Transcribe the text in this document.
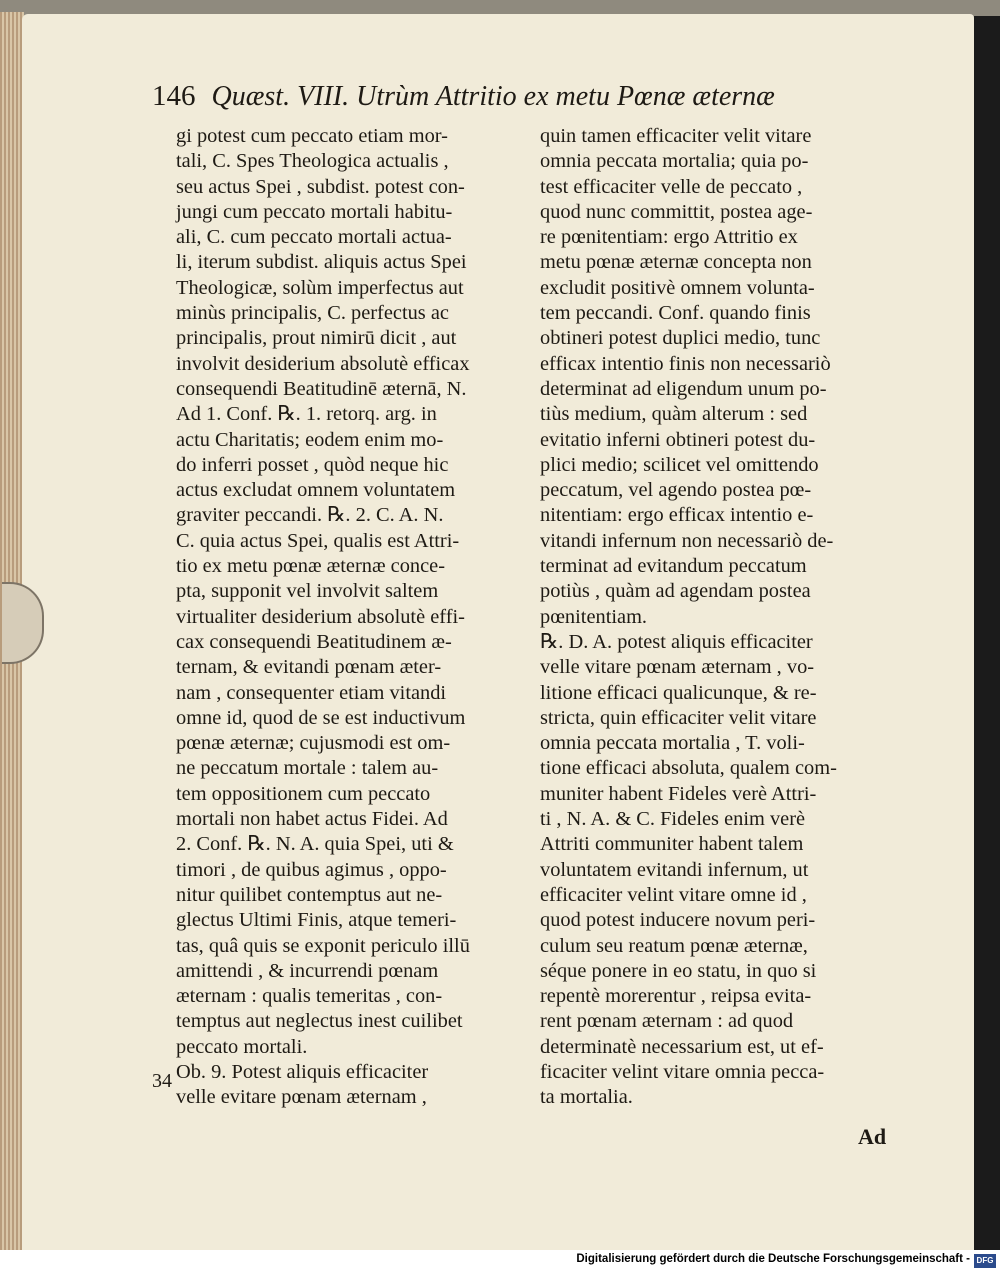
146 Quæst. VIII. Utrùm Attritio ex metu Pœnæ æternæ
gi potest cum peccato etiam mor-
tali, C. Spes Theologica actualis ,
seu actus Spei , subdist. potest con-
jungi cum peccato mortali habitu-
ali, C. cum peccato mortali actua-
li, iterum subdist. aliquis actus Spei
Theologicæ, solùm imperfectus aut
minùs principalis, C. perfectus ac
principalis, prout nimirū dicit , aut
involvit desiderium absolutè efficax
consequendi Beatitudinē æternā, N.
Ad 1. Conf. ℞. 1. retorq. arg. in
actu Charitatis; eodem enim mo-
do inferri posset , quòd neque hic
actus excludat omnem voluntatem
graviter peccandi. ℞. 2. C. A. N.
C. quia actus Spei, qualis est Attri-
tio ex metu pœnæ æternæ conce-
pta, supponit vel involvit saltem
virtualiter desiderium absolutè effi-
cax consequendi Beatitudinem æ-
ternam, & evitandi pœnam æter-
nam , consequenter etiam vitandi
omne id, quod de se est inductivum
pœnæ æternæ; cujusmodi est om-
ne peccatum mortale : talem au-
tem oppositionem cum peccato
mortali non habet actus Fidei. Ad
2. Conf. ℞. N. A. quia Spei, uti &
timori , de quibus agimus , oppo-
nitur quilibet contemptus aut ne-
glectus Ultimi Finis, atque temeri-
tas, quâ quis se exponit periculo illū
amittendi , & incurrendi pœnam
æternam : qualis temeritas , con-
temptus aut neglectus inest cuilibet
peccato mortali.
Ob. 9. Potest aliquis efficaciter
velle evitare pœnam æternam ,
quin tamen efficaciter velit vitare
omnia peccata mortalia; quia po-
test efficaciter velle de peccato ,
quod nunc committit, postea age-
re pœnitentiam: ergo Attritio ex
metu pœnæ æternæ concepta non
excludit positivè omnem volunta-
tem peccandi. Conf. quando finis
obtineri potest duplici medio, tunc
efficax intentio finis non necessariò
determinat ad eligendum unum po-
tiùs medium, quàm alterum : sed
evitatio inferni obtineri potest du-
plici medio; scilicet vel omittendo
peccatum, vel agendo postea pœ-
nitentiam: ergo efficax intentio e-
vitandi infernum non necessariò de-
terminat ad evitandum peccatum
potiùs , quàm ad agendam postea
pœnitentiam.
℞. D. A. potest aliquis efficaciter
velle vitare pœnam æternam , vo-
litione efficaci qualicunque, & re-
stricta, quin efficaciter velit vitare
omnia peccata mortalia , T. voli-
tione efficaci absoluta, qualem com-
muniter habent Fideles verè Attri-
ti , N. A. & C. Fideles enim verè
Attriti communiter habent talem
voluntatem evitandi infernum, ut
efficaciter velint vitare omne id ,
quod potest inducere novum peri-
culum seu reatum pœnæ æternæ,
séque ponere in eo statu, in quo si
repentè morerentur , reipsa evita-
rent pœnam æternam : ad quod
determinatè necessarium est, ut ef-
ficaciter velint vitare omnia pecca-
ta mortalia.
34
Ad
Digitalisierung gefördert durch die Deutsche Forschungsgemeinschaft - DFG
